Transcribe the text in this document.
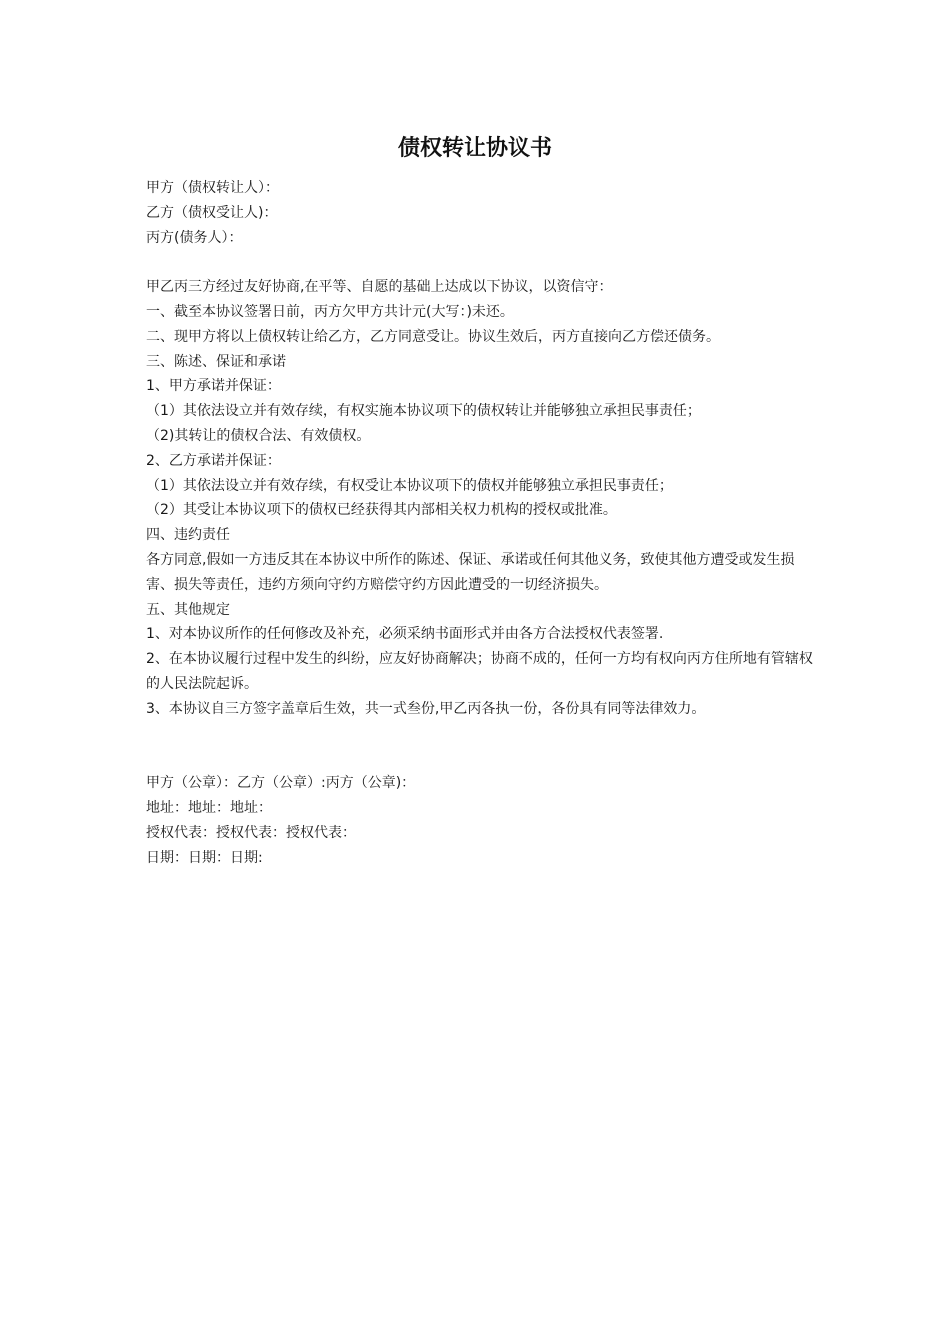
债权转让协议书
甲方（债权转让人）：
乙方（债权受让人)：
丙方(债务人）：
甲乙丙三方经过友好协商,在平等、自愿的基础上达成以下协议，以资信守：
一、截至本协议签署日前，丙方欠甲方共计元(大写：)未还。
二、现甲方将以上债权转让给乙方，乙方同意受让。协议生效后，丙方直接向乙方偿还债务。
三、陈述、保证和承诺
1、甲方承诺并保证：
（1）其依法设立并有效存续，有权实施本协议项下的债权转让并能够独立承担民事责任；
（2)其转让的债权合法、有效债权。
2、乙方承诺并保证：
（1）其依法设立并有效存续，有权受让本协议项下的债权并能够独立承担民事责任；
（2）其受让本协议项下的债权已经获得其内部相关权力机构的授权或批准。
四、违约责任
各方同意,假如一方违反其在本协议中所作的陈述、保证、承诺或任何其他义务，致使其他方遭受或发生损害、损失等责任，违约方须向守约方赔偿守约方因此遭受的一切经济损失。
五、其他规定
1、对本协议所作的任何修改及补充，必须采纳书面形式并由各方合法授权代表签署.
2、在本协议履行过程中发生的纠纷，应友好协商解决；协商不成的，任何一方均有权向丙方住所地有管辖权的人民法院起诉。
3、本协议自三方签字盖章后生效，共一式叁份,甲乙丙各执一份，各份具有同等法律效力。
甲方（公章）：乙方（公章）:丙方（公章)：
地址：地址：地址：
授权代表：授权代表：授权代表：
日期：日期：日期:
